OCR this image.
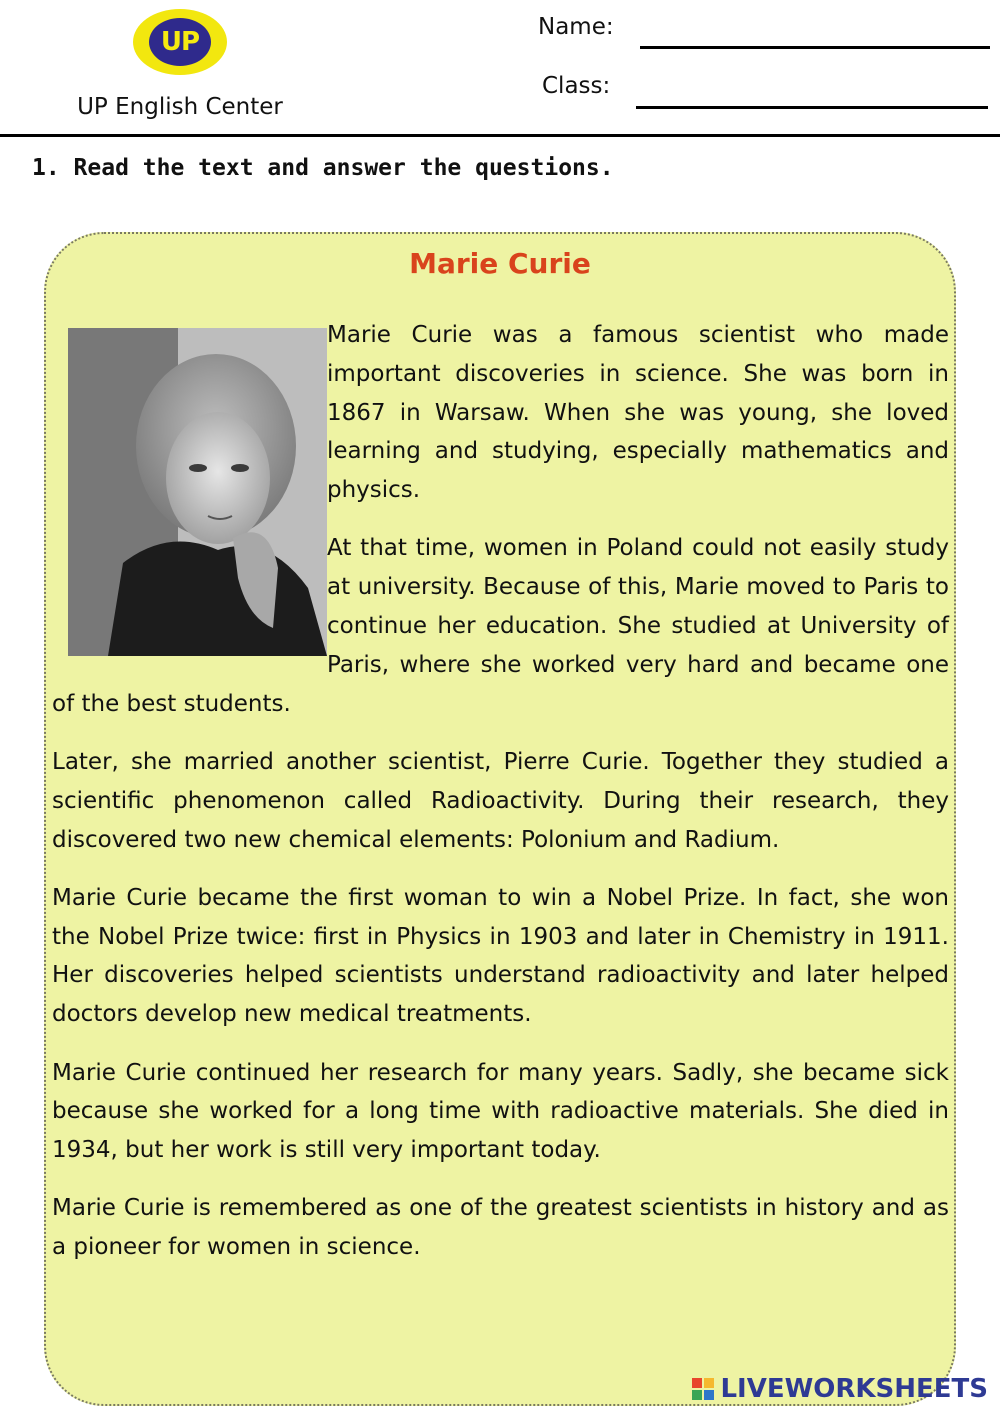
UP
UP English Center
Name:
Class:
1. Read the text and answer the questions.
Marie Curie

Marie Curie was a famous scientist who made important discoveries in science. She was born in 1867 in Warsaw. When she was young, she loved learning and studying, especially mathematics and physics.

At that time, women in Poland could not easily study at university. Because of this, Marie moved to Paris to continue her education. She studied at University of Paris, where she worked very hard and became one of the best students.

Later, she married another scientist, Pierre Curie. Together they studied a scientific phenomenon called Radioactivity. During their research, they discovered two new chemical elements: Polonium and Radium.

Marie Curie became the first woman to win a Nobel Prize. In fact, she won the Nobel Prize twice: first in Physics in 1903 and later in Chemistry in 1911. Her discoveries helped scientists understand radioactivity and later helped doctors develop new medical treatments.

Marie Curie continued her research for many years. Sadly, she became sick because she worked for a long time with radioactive materials. She died in 1934, but her work is still very important today.

Marie Curie is remembered as one of the greatest scientists in history and as a pioneer for women in science.

LIVEWORKSHEETS
